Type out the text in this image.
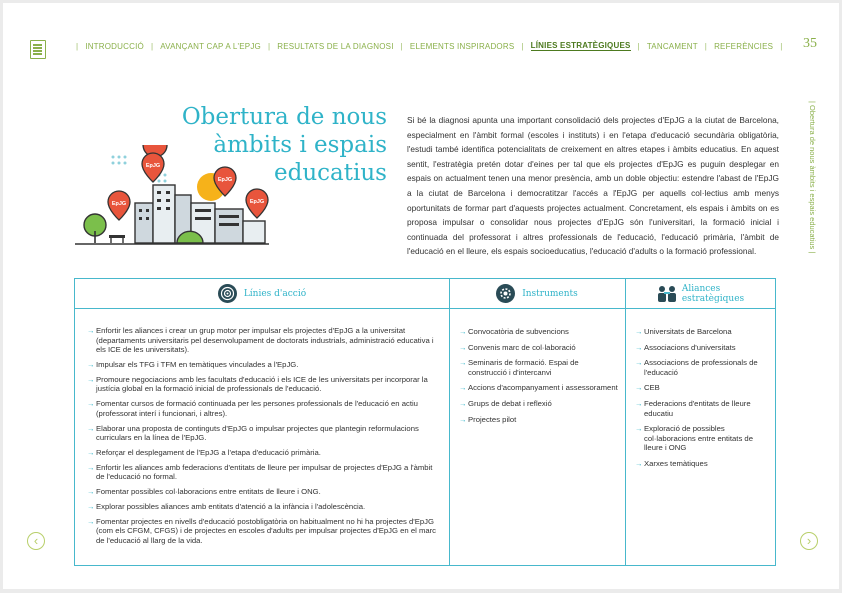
| INTRODUCCIÓ | AVANÇANT CAP A L'EPJG | RESULTATS DE LA DIAGNOSI | ELEMENTS INSPIRADORS | LÍNIES ESTRATÈGIQUES | TANCAMENT | REFERÈNCIES | 35
| Obertura de nous àmbits i espais educatius |
Obertura de nous
àmbits i espais
educatius
Si bé la diagnosi apunta una important consolidació dels projectes d'EpJG a la ciutat de Barcelona, especialment en l'àmbit formal (escoles i instituts) i en l'etapa d'educació secundària obligatòria, l'estudi també identifica potencialitats de creixement en altres etapes i àmbits educatius. En aquest sentit, l'estratègia pretén dotar d'eines per tal que els projectes d'EpJG es puguin desplegar en espais on actualment tenen una menor presència, amb un doble objectiu: estendre l'abast de l'EpJG a la ciutat de Barcelona i democratitzar l'accés a l'EpJG per aquells col·lectius amb menys oportunitats de formar part d'aquests projectes actualment. Concretament, els espais i àmbits on es proposa impulsar o consolidar nous projectes d'EpJG són l'universitari, la formació inicial i continuada del professorat i altres professionals de l'educació, l'educació primària, l'àmbit de l'educació en el lleure, els espais socioeducatius, l'educació d'adults o la formació professional.
EpJG
EpJG
EpJG
EpJG
Línies d'acció
→ Enfortir les aliances i crear un grup motor per impulsar els projectes d'EpJG a la universitat (departaments universitaris pel desenvolupament de doctorats industrials, administració educativa i els ICE de les universitats).
→ Impulsar els TFG i TFM en temàtiques vinculades a l'EpJG.
→ Promoure negociacions amb les facultats d'educació i els ICE de les universitats per incorporar la justícia global en la formació inicial de professionals de l'educació.
→ Fomentar cursos de formació continuada per les persones professionals de l'educació en actiu (professorat interí i funcionari, i altres).
→ Elaborar una proposta de continguts d'EpJG o impulsar projectes que plantegin reformulacions curriculars en la línea de l'EpJG.
→ Reforçar el desplegament de l'EpJG a l'etapa d'educació primària.
→ Enfortir les aliances amb federacions d'entitats de lleure per impulsar de projectes d'EpJG a l'àmbit de l'educació no formal.
→ Fomentar possibles col·laboracions entre entitats de lleure i ONG.
→ Explorar possibles aliances amb entitats d'atenció a la infància i l'adolescència.
→ Fomentar projectes en nivells d'educació postobligatòria on habitualment no hi ha projectes d'EpJG (com els CFGM, CFGS) i de projectes en escoles d'adults per impulsar projectes d'EpJG en el marc de l'educació al llarg de la vida.
Instruments
→ Convocatòria de subvencions
→ Convenis marc de col·laboració
→ Seminaris de formació. Espai de construcció i d'intercanvi
→ Accions d'acompanyament i assessorament
→ Grups de debat i reflexió
→ Projectes pilot
Aliances
estratègiques
→ Universitats de Barcelona
→ Associacions d'universitats
→ Associacions de professionals de l'educació
→ CEB
→ Federacions d'entitats de lleure educatiu
→ Exploració de possibles col·laboracions entre entitats de lleure i ONG
→ Xarxes temàtiques
‹	›
